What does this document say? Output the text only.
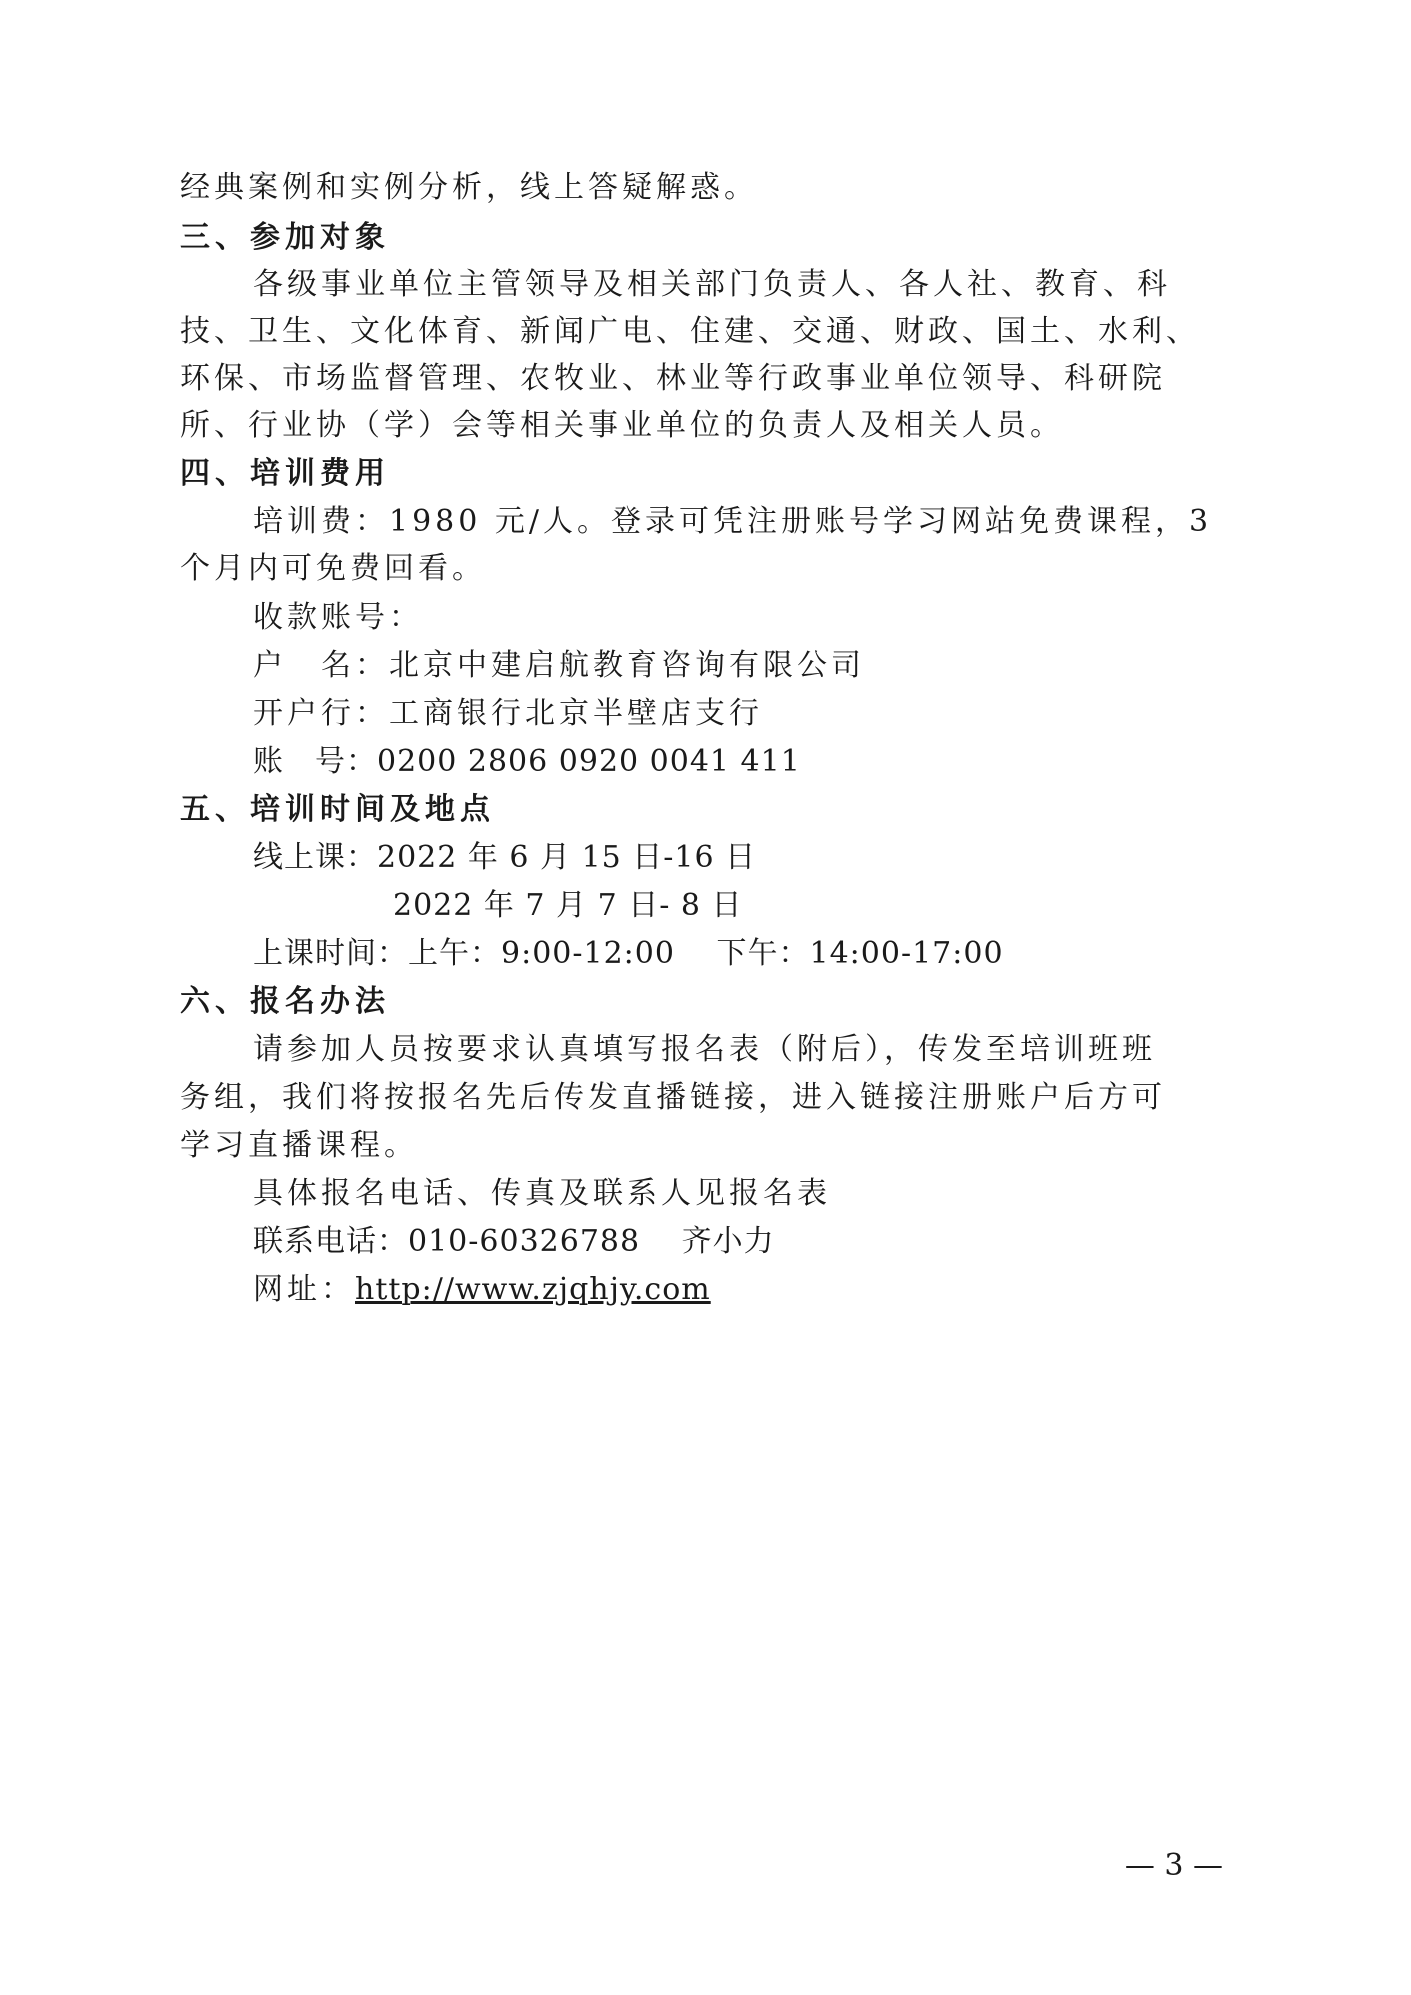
经典案例和实例分析，线上答疑解惑。
三、参加对象
各级事业单位主管领导及相关部门负责人、各人社、教育、科
技、卫生、文化体育、新闻广电、住建、交通、财政、国土、水利、
环保、市场监督管理、农牧业、林业等行政事业单位领导、科研院
所、行业协（学）会等相关事业单位的负责人及相关人员。
四、培训费用
培训费：1980 元/人。登录可凭注册账号学习网站免费课程，3
个月内可免费回看。
收款账号：
户　名：北京中建启航教育咨询有限公司
开户行：工商银行北京半壁店支行
账　号：0200 2806 0920 0041 411
五、培训时间及地点
线上课：2022 年 6 月 15 日-16 日
2022 年 7 月 7 日- 8 日
上课时间：上午：9:00-12:00　 下午：14:00-17:00
六、报名办法
请参加人员按要求认真填写报名表（附后），传发至培训班班
务组，我们将按报名先后传发直播链接，进入链接注册账户后方可
学习直播课程。
具体报名电话、传真及联系人见报名表
联系电话：010-60326788　 齐小力
网址：http://www.zjqhjy.com
— 3 —
